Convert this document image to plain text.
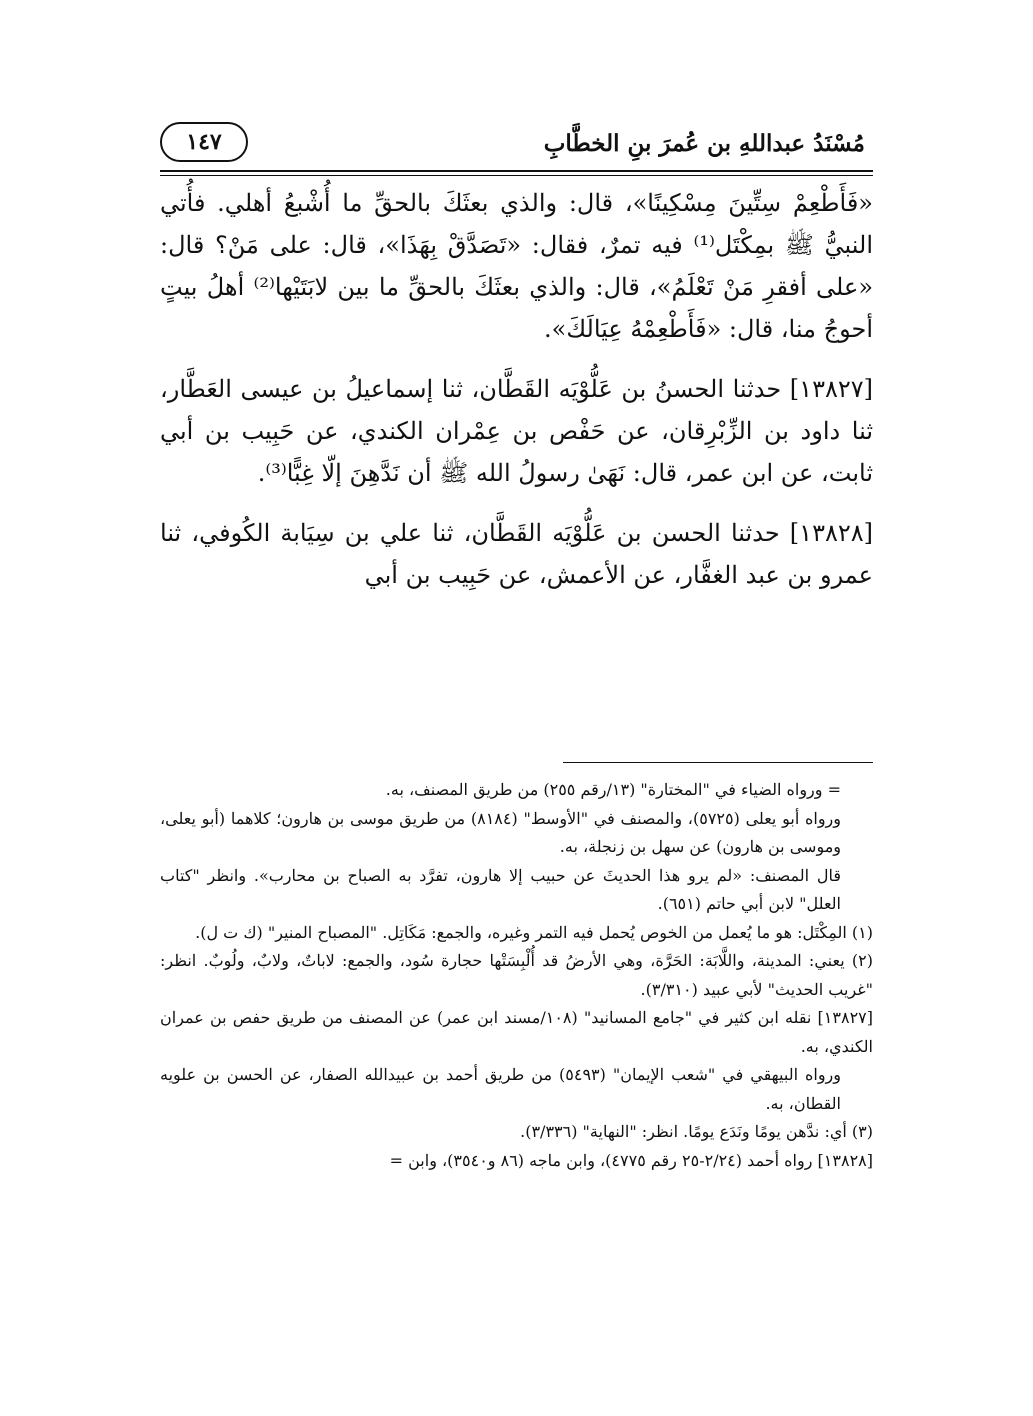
مُسْنَدُ عبداللهِ بن عُمرَ بنِ الخطَّابِ
١٤٧

«فَأَطْعِمْ سِتِّينَ مِسْكِينًا»، قال: والذي بعثَكَ بالحقِّ ما أُشْبعُ أهلي. فأُتي النبيُّ ﷺ بمِكْتَل⁽¹⁾ فيه تمرٌ، فقال: «تَصَدَّقْ بِهَذَا»، قال: على مَنْ؟ قال: «على أفقرِ مَنْ تَعْلَمُ»، قال: والذي بعثَكَ بالحقِّ ما بين لابَتَيْها⁽²⁾ أهلُ بيتٍ أحوجُ منا، قال: «فَأَطْعِمْهُ عِيَالَكَ».

[١٣٨٢٧] حدثنا الحسنُ بن عَلُّوْيَه القَطَّان، ثنا إسماعيلُ بن عيسى العَطَّار، ثنا داود بن الزِّبْرِقان، عن حَفْص بن عِمْران الكندي، عن حَبِيب بن أبي ثابت، عن ابن عمر، قال: نَهَىٰ رسولُ الله ﷺ أن نَدَّهِنَ إلّا غِبًّا⁽³⁾.

[١٣٨٢٨] حدثنا الحسن بن عَلُّوْيَه القَطَّان، ثنا علي بن سِيَابة الكُوفي، ثنا عمرو بن عبد الغفَّار، عن الأعمش، عن حَبِيب بن أبي

= ورواه الضياء في "المختارة" (١٣/رقم ٢٥٥) من طريق المصنف، به.

ورواه أبو يعلى (٥٧٢٥)، والمصنف في "الأوسط" (٨١٨٤) من طريق موسى بن هارون؛ كلاهما (أبو يعلى، وموسى بن هارون) عن سهل بن زنجلة، به.

قال المصنف: «لم يرو هذا الحديثَ عن حبيب إلا هارون، تفرَّد به الصباح بن محارب». وانظر "كتاب العلل" لابن أبي حاتم (٦٥١).

(١) المِكْتَل: هو ما يُعمل من الخوص يُحمل فيه التمر وغيره، والجمع: مَكَاتِل. "المصباح المنير" (ك ت ل).

(٢) يعني: المدينة، واللَّابَة: الحَرَّة، وهي الأرضُ قد أُلْبِسَتْها حجارة سُود، والجمع: لاباتٌ، ولابٌ، ولُوبٌ. انظر: "غريب الحديث" لأبي عبيد (٣/٣١٠).

[١٣٨٢٧] نقله ابن كثير في "جامع المسانيد" (١٠٨/مسند ابن عمر) عن المصنف من طريق حفص بن عمران الكندي، به.

ورواه البيهقي في "شعب الإيمان" (٥٤٩٣) من طريق أحمد بن عبيدالله الصفار، عن الحسن بن علويه القطان، به.

(٣) أي: ندَّهن يومًا ونَدَع يومًا. انظر: "النهاية" (٣/٣٣٦).

[١٣٨٢٨] رواه أحمد (٢/٢٤-٢٥ رقم ٤٧٧٥)، وابن ماجه (٨٦ و٣٥٤٠)، وابن =
